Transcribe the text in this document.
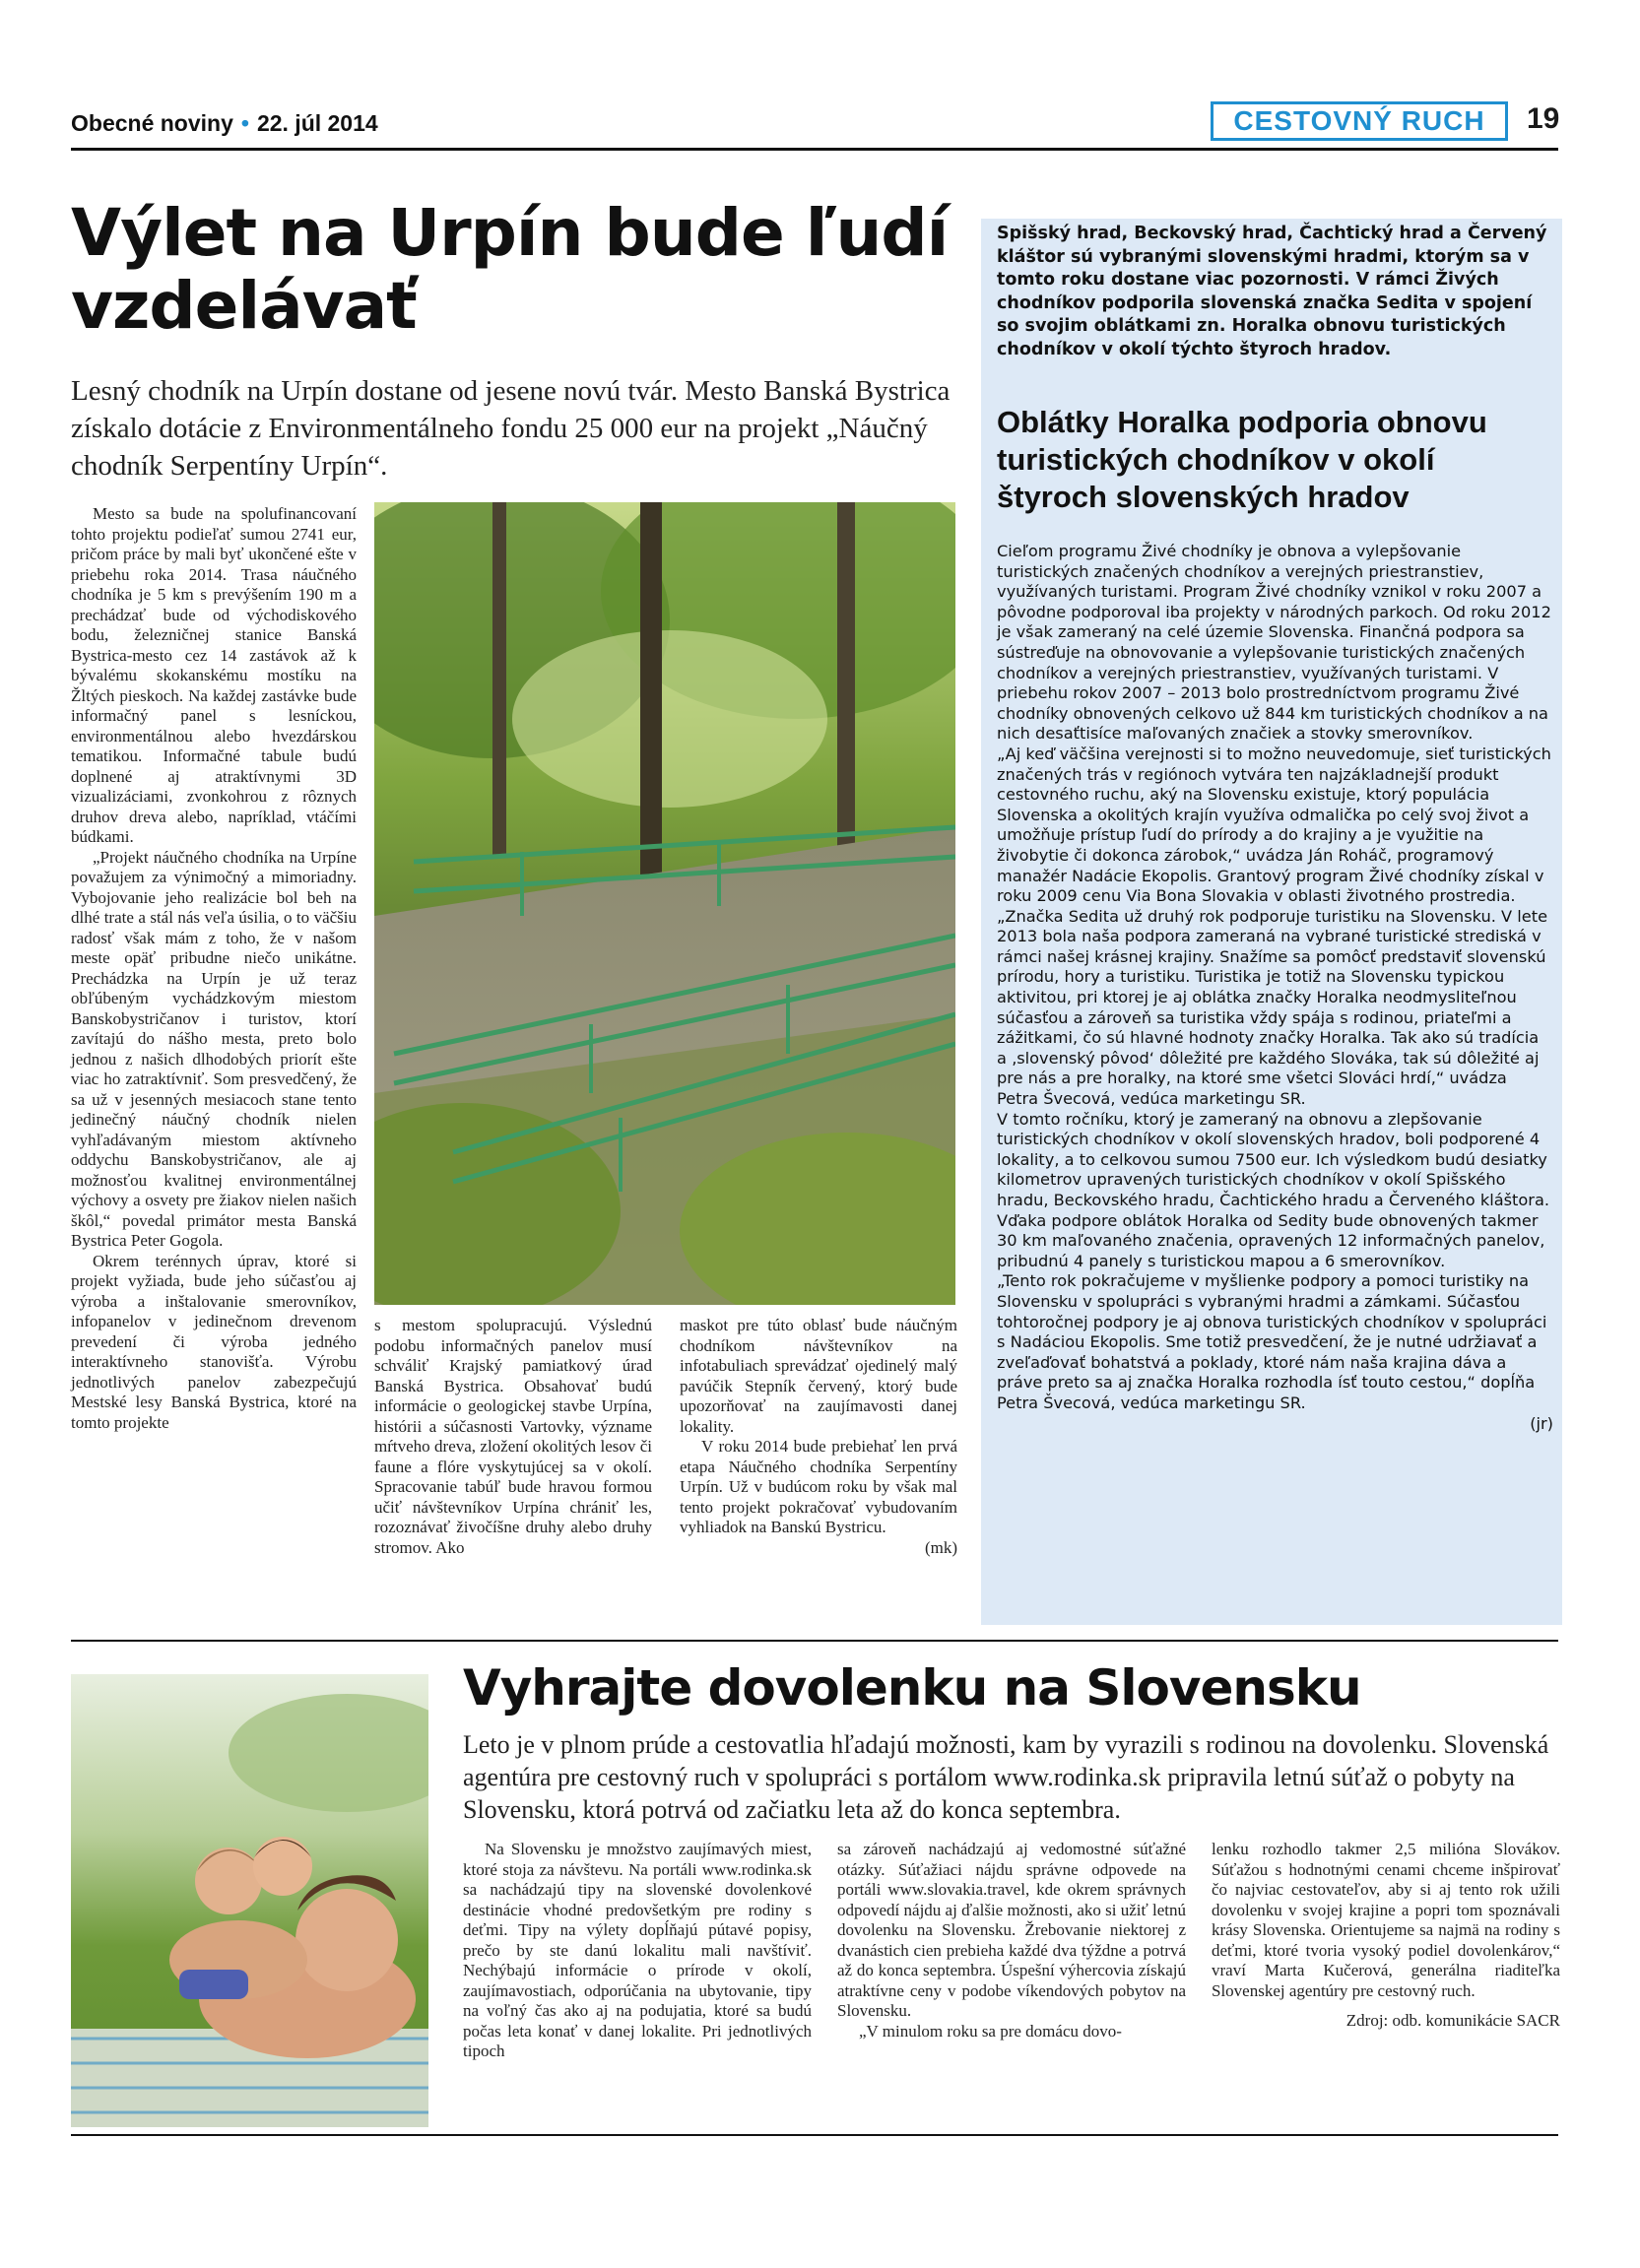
Obecné noviny • 22. júl 2014	CESTOVNÝ RUCH	19
Výlet na Urpín bude ľudí vzdelávať

Lesný chodník na Urpín dostane od jesene novú tvár. Mesto Banská Bystrica získalo dotácie z Environmentálneho fondu 25 000 eur na projekt „Náučný chodník Serpentíny Urpín“.

Mesto sa bude na spolufinancovaní tohto projektu podieľať sumou 2741 eur, pričom práce by mali byť ukončené ešte v priebehu roka 2014. Trasa náučného chodníka je 5 km s prevýšením 190 m a prechádzať bude od východiskového bodu, železničnej stanice Banská Bystrica-mesto cez 14 zastávok až k bývalému skokanskému mostíku na Žltých pieskoch. Na každej zastávke bude informačný panel s lesníckou, environmentálnou alebo hvezdárskou tematikou. Informačné tabule budú doplnené aj atraktívnymi 3D vizualizáciami, zvonkohrou z rôznych druhov dreva alebo, napríklad, vtáčími búdkami.

„Projekt náučného chodníka na Urpíne považujem za výnimočný a mimoriadny. Vybojovanie jeho realizácie bol beh na dlhé trate a stál nás veľa úsilia, o to väčšiu radosť však mám z toho, že v našom meste opäť pribudne niečo unikátne. Prechádzka na Urpín je už teraz obľúbeným vychádzkovým miestom Banskobystričanov i turistov, ktorí zavítajú do nášho mesta, preto bolo jednou z našich dlhodobých priorít ešte viac ho zatraktívniť. Som presvedčený, že sa už v jesenných mesiacoch stane tento jedinečný náučný chodník nielen vyhľadávaným miestom aktívneho oddychu Banskobystričanov, ale aj možnosťou kvalitnej environmentálnej výchovy a osvety pre žiakov nielen našich škôl,“ povedal primátor mesta Banská Bystrica Peter Gogola.

Okrem terénnych úprav, ktoré si projekt vyžiada, bude jeho súčasťou aj výroba a inštalovanie smerovníkov, infopanelov v jedinečnom drevenom prevedení či výroba jedného interaktívneho stanovišťa. Výrobu jednotlivých panelov zabezpečujú Mestské lesy Banská Bystrica, ktoré na tomto projekte

s mestom spolupracujú. Výslednú podobu informačných panelov musí schváliť Krajský pamiatkový úrad Banská Bystrica. Obsahovať budú informácie o geologickej stavbe Urpína, histórii a súčasnosti Vartovky, význame mŕtveho dreva, zložení okolitých lesov či faune a flóre vyskytujúcej sa v okolí. Spracovanie tabúľ bude hravou formou učiť návštevníkov Urpína chrániť les, rozoznávať živočíšne druhy alebo druhy stromov. Ako

maskot pre túto oblasť bude náučným chodníkom návštevníkov na infotabuliach sprevádzať ojedinelý malý pavúčik Stepník červený, ktorý bude upozorňovať na zaujímavosti danej lokality.

V roku 2014 bude prebiehať len prvá etapa Náučného chodníka Serpentíny Urpín. Už v budúcom roku by však mal tento projekt pokračovať vybudovaním vyhliadok na Banskú Bystricu.

(mk)

Spišský hrad, Beckovský hrad, Čachtický hrad a Červený kláštor sú vybranými slovenskými hradmi, ktorým sa v tomto roku dostane viac pozornosti. V rámci Živých chodníkov podporila slovenská značka Sedita v spojení so svojim oblátkami zn. Horalka obnovu turistických chodníkov v okolí týchto štyroch hradov.
Oblátky Horalka podporia obnovu turistických chodníkov v okolí štyroch slovenských hradov

Cieľom programu Živé chodníky je obnova a vylepšovanie turistických značených chodníkov a verejných priestranstiev, využívaných turistami. Program Živé chodníky vznikol v roku 2007 a pôvodne podporoval iba projekty v národných parkoch. Od roku 2012 je však zameraný na celé územie Slovenska. Finančná podpora sa sústreďuje na obnovovanie a vylepšovanie turistických značených chodníkov a verejných priestranstiev, využívaných turistami. V priebehu rokov 2007 – 2013 bolo prostredníctvom programu Živé chodníky obnovených celkovo už 844 km turistických chodníkov a na nich desaťtisíce maľovaných značiek a stovky smerovníkov.

„Aj keď väčšina verejnosti si to možno neuvedomuje, sieť turistických značených trás v regiónoch vytvára ten najzákladnejší produkt cestovného ruchu, aký na Slovensku existuje, ktorý populácia Slovenska a okolitých krajín využíva odmalička po celý svoj život a umožňuje prístup ľudí do prírody a do krajiny a je využitie na živobytie či dokonca zárobok,“ uvádza Ján Roháč, programový manažér Nadácie Ekopolis. Grantový program Živé chodníky získal v roku 2009 cenu Via Bona Slovakia v oblasti životného prostredia.

„Značka Sedita už druhý rok podporuje turistiku na Slovensku. V lete 2013 bola naša podpora zameraná na vybrané turistické strediská v rámci našej krásnej krajiny. Snažíme sa pomôcť predstaviť slovenskú prírodu, hory a turistiku. Turistika je totiž na Slovensku typickou aktivitou, pri ktorej je aj oblátka značky Horalka neodmysliteľnou súčasťou a zároveň sa turistika vždy spája s rodinou, priateľmi a zážitkami, čo sú hlavné hodnoty značky Horalka. Tak ako sú tradícia a ‚slovenský pôvod‘ dôležité pre každého Slováka, tak sú dôležité aj pre nás a pre horalky, na ktoré sme všetci Slováci hrdí,“ uvádza Petra Švecová, vedúca marketingu SR.

V tomto ročníku, ktorý je zameraný na obnovu a zlepšovanie turistických chodníkov v okolí slovenských hradov, boli podporené 4 lokality, a to celkovou sumou 7500 eur. Ich výsledkom budú desiatky kilometrov upravených turistických chodníkov v okolí Spišského hradu, Beckovského hradu, Čachtického hradu a Červeného kláštora. Vďaka podpore oblátok Horalka od Sedity bude obnovených takmer 30 km maľovaného značenia, opravených 12 informačných panelov, pribudnú 4 panely s turistickou mapou a 6 smerovníkov.

„Tento rok pokračujeme v myšlienke podpory a pomoci turistiky na Slovensku v spolupráci s vybranými hradmi a zámkami. Súčasťou tohtoročnej podpory je aj obnova turistických chodníkov v spolupráci s Nadáciou Ekopolis. Sme totiž presvedčení, že je nutné udržiavať a zveľaďovať bohatstvá a poklady, ktoré nám naša krajina dáva a práve preto sa aj značka Horalka rozhodla ísť touto cestou,“ dopĺňa Petra Švecová, vedúca marketingu SR.

(jr)

Vyhrajte dovolenku na Slovensku

Leto je v plnom prúde a cestovatlia hľadajú možnosti, kam by vyrazili s rodinou na dovolenku. Slovenská agentúra pre cestovný ruch v spolupráci s portálom www.rodinka.sk pripravila letnú súťaž o pobyty na Slovensku, ktorá potrvá od začiatku leta až do konca septembra.

Na Slovensku je množstvo zaujímavých miest, ktoré stoja za návštevu. Na portáli www.rodinka.sk sa nachádzajú tipy na slovenské dovolenkové destinácie vhodné predovšetkým pre rodiny s deťmi. Tipy na výlety dopĺňajú pútavé popisy, prečo by ste danú lokalitu mali navštíviť. Nechýbajú informácie o prírode v okolí, zaujímavostiach, odporúčania na ubytovanie, tipy na voľný čas ako aj na podujatia, ktoré sa budú počas leta konať v danej lokalite. Pri jednotlivých tipoch

sa zároveň nachádzajú aj vedomostné súťažné otázky. Súťažiaci nájdu správne odpovede na portáli www.slovakia.travel, kde okrem správnych odpovedí nájdu aj ďalšie možnosti, ako si užiť letnú dovolenku na Slovensku. Žrebovanie niektorej z dvanástich cien prebieha každé dva týždne a potrvá až do konca septembra. Úspešní výhercovia získajú atraktívne ceny v podobe víkendových pobytov na Slovensku.

„V minulom roku sa pre domácu dovo-

lenku rozhodlo takmer 2,5 milióna Slovákov. Súťažou s hodnotnými cenami chceme inšpirovať čo najviac cestovateľov, aby si aj tento rok užili dovolenku v svojej krajine a popri tom spoznávali krásy Slovenska. Orientujeme sa najmä na rodiny s deťmi, ktoré tvoria vysoký podiel dovolenkárov,“ vraví Marta Kučerová, generálna riaditeľka Slovenskej agentúry pre cestovný ruch.

Zdroj: odb. komunikácie SACR
